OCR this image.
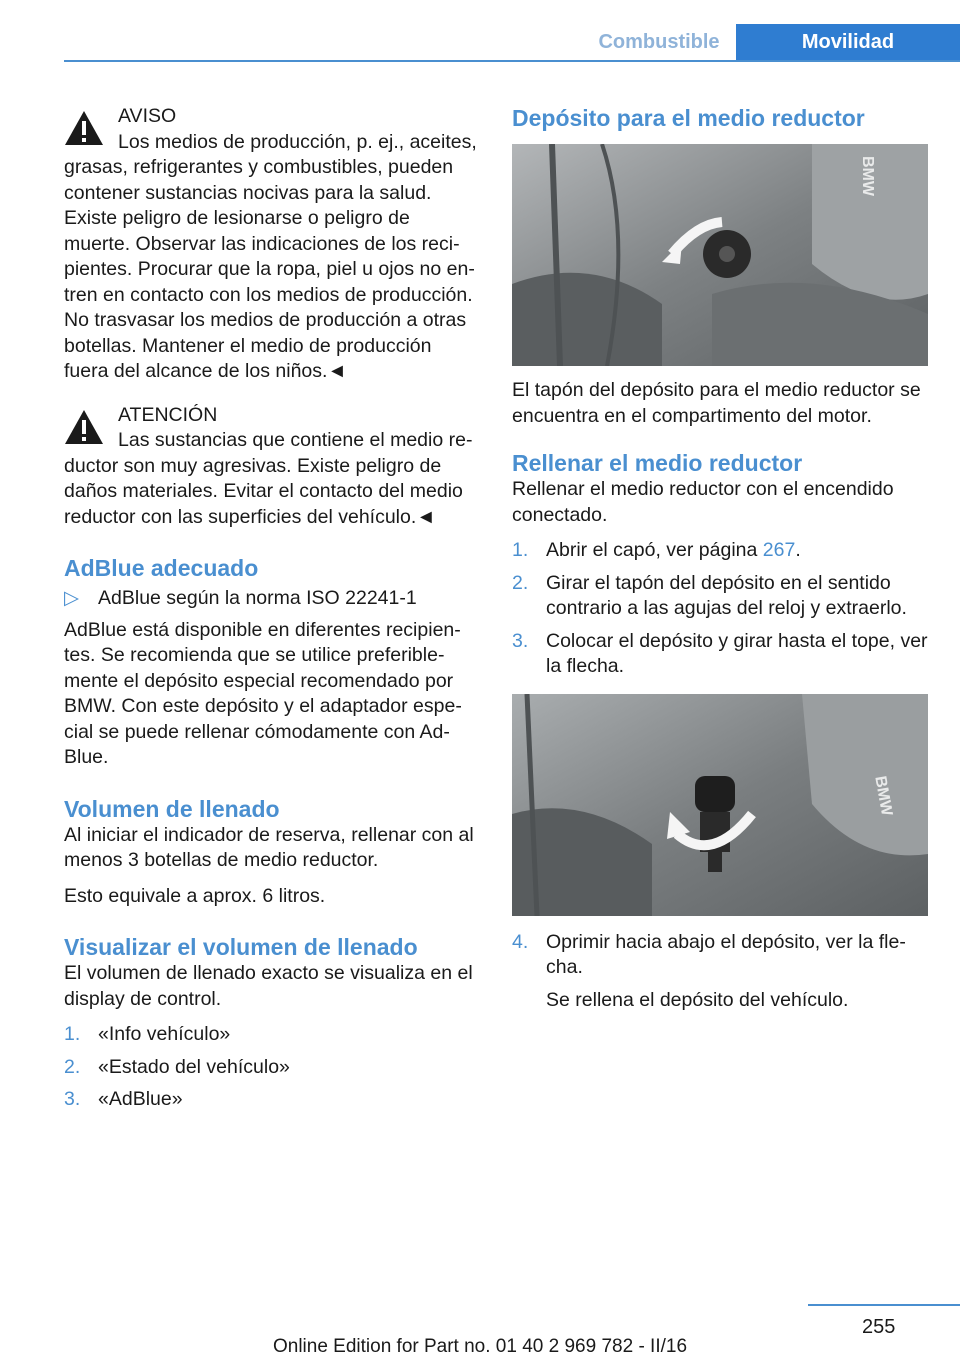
Combustible	Movilidad
AVISO
Los medios de producción, p. ej., aceites, grasas, refrigerantes y combustibles, pueden contener sustancias nocivas para la salud. Existe peligro de lesionarse o peligro de muerte. Observar las indicaciones de los recipientes. Procurar que la ropa, piel u ojos no entren en contacto con los medios de producción. No trasvasar los medios de producción a otras botellas. Mantener el medio de producción fuera del alcance de los niños.◄
ATENCIÓN
Las sustancias que contiene el medio reductor son muy agresivas. Existe peligro de daños materiales. Evitar el contacto del medio reductor con las superficies del vehículo.◄
AdBlue adecuado
▷ AdBlue según la norma ISO 22241-1

AdBlue está disponible en diferentes recipientes. Se recomienda que se utilice preferiblemente el depósito especial recomendado por BMW. Con este depósito y el adaptador especial se puede rellenar cómodamente con AdBlue.

Volumen de llenado

Al iniciar el indicador de reserva, rellenar con al menos 3 botellas de medio reductor.

Esto equivale a aprox. 6 litros.

Visualizar el volumen de llenado

El volumen de llenado exacto se visualiza en el display de control.

1. «Info vehículo»
2. «Estado del vehículo»
3. «AdBlue»
Depósito para el medio reductor
BMW

El tapón del depósito para el medio reductor se encuentra en el compartimento del motor.

Rellenar el medio reductor

Rellenar el medio reductor con el encendido conectado.

1. Abrir el capó, ver página 267.
2. Girar el tapón del depósito en el sentido contrario a las agujas del reloj y extraerlo.
3. Colocar el depósito y girar hasta el tope, ver la flecha.
BMW
4. Oprimir hacia abajo el depósito, ver la flecha.
Se rellena el depósito del vehículo.
255
Online Edition for Part no. 01 40 2 969 782 - II/16
